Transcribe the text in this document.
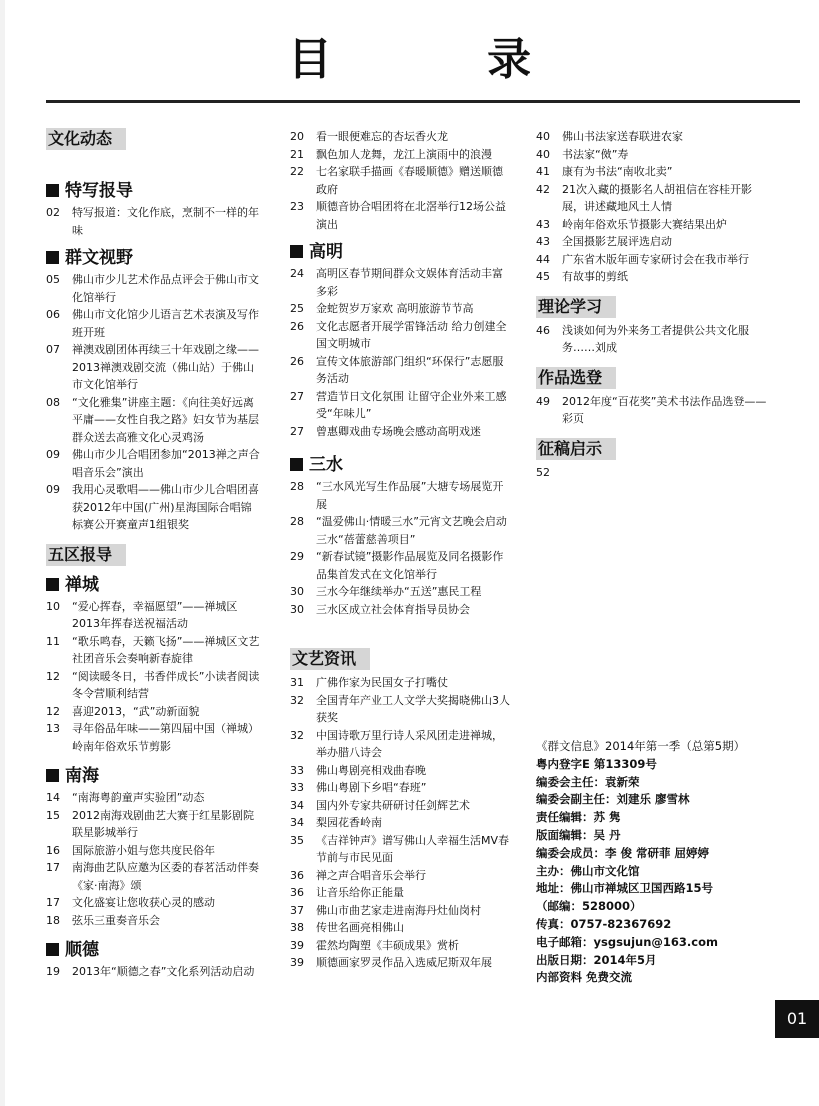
目 录
文化动态
特写报导
02	特写报道：文化作底，烹制不一样的年味
群文视野
05	佛山市少儿艺术作品点评会于佛山市文化馆举行
06	佛山市文化馆少儿语言艺术表演及写作班开班
07	禅澳戏剧团体再续三十年戏剧之缘——2013禅澳戏剧交流（佛山站）于佛山市文化馆举行
08	“文化雅集”讲座主题：《向往美好远离平庸——女性自我之路》妇女节为基层群众送去高雅文化心灵鸡汤
09	佛山市少儿合唱团参加“2013禅之声合唱音乐会”演出
09	我用心灵歌唱——佛山市少儿合唱团喜获2012年中国(广州)星海国际合唱锦标赛公开赛童声1组银奖
五区报导
禅城
10	“爱心挥春，幸福愿望”——禅城区2013年挥春送祝福活动
11	“歌乐鸣春，天籁飞扬”——禅城区文艺社团音乐会奏响新春旋律
12	“阅读暖冬日，书香伴成长”小读者阅读冬令营顺利结营
12	喜迎2013，“武”动新面貌
13	寻年俗品年味——第四届中国（禅城）岭南年俗欢乐节剪影
南海
14	“南海粤韵童声实验团”动态
15	2012南海戏剧曲艺大赛于红星影剧院联星影城举行
16	国际旅游小姐与您共度民俗年
17	南海曲艺队应邀为区委的春茗活动伴奏《家·南海》颂
17	文化盛宴让您收获心灵的感动
18	弦乐三重奏音乐会
顺德
19	2013年“顺德之春”文化系列活动启动
20	看一眼便难忘的杏坛香火龙
21	飘色加人龙舞，龙江上演雨中的浪漫
22	七名家联手描画《春暖顺德》赠送顺德政府
23	顺德音协合唱团将在北滘举行12场公益演出
高明
24	高明区春节期间群众文娱体育活动丰富多彩
25	金蛇贺岁万家欢 高明旅游节节高
26	文化志愿者开展学雷锋活动 给力创建全国文明城市
26	宣传文体旅游部门组织“环保行”志愿服务活动
27	营造节日文化氛围 让留守企业外来工感受“年味儿”
27	曾惠卿戏曲专场晚会感动高明戏迷
三水
28	“三水风光写生作品展”大塘专场展览开展
28	“温爱佛山·情暖三水”元宵文艺晚会启动三水“蓓蕾慈善项目”
29	“新春试镜”摄影作品展览及同名摄影作品集首发式在文化馆举行
30	三水今年继续举办“五送”惠民工程
30	三水区成立社会体育指导员协会
文艺资讯
31	广佛作家为民国女子打嘴仗
32	全国青年产业工人文学大奖揭晓佛山3人获奖
32	中国诗歌万里行诗人采风团走进禅城，举办腊八诗会
33	佛山粤剧亮相戏曲春晚
33	佛山粤剧下乡唱“春班”
34	国内外专家共研研讨任剑辉艺术
34	梨园花香岭南
35	《吉祥钟声》谱写佛山人幸福生活MV春节前与市民见面
36	禅之声合唱音乐会举行
36	让音乐给你正能量
37	佛山市曲艺家走进南海丹灶仙岗村
38	传世名画亮相佛山
39	霍然均陶塑《丰硕成果》赏析
39	顺德画家罗灵作品入选威尼斯双年展
40	佛山书法家送春联进农家
40	书法家“傚”寿
41	康有为书法“南收北卖”
42	21次入藏的摄影名人胡祖信在容桂开影展，讲述藏地风土人情
43	岭南年俗欢乐节摄影大赛结果出炉
43	全国摄影艺展评选启动
44	广东省木版年画专家研讨会在我市举行
45	有故事的剪纸
理论学习
46	浅谈如何为外来务工者提供公共文化服务……刘成
作品选登
49	2012年度“百花奖”美术书法作品选登——彩页
征稿启示
52
《群文信息》2014年第一季（总第5期）
粤内登字E 第13309号
编委会主任：袁新荣
编委会副主任：刘建乐 廖雪林
责任编辑：苏 隽
版面编辑：吴 丹
编委会成员：李 俊 常研菲 屈婷婷
主办：佛山市文化馆
地址：佛山市禅城区卫国西路15号
（邮编：528000）
传真：0757-82367692
电子邮箱：ysgsujun@163.com
出版日期：2014年5月
内部资料 免费交流
01
